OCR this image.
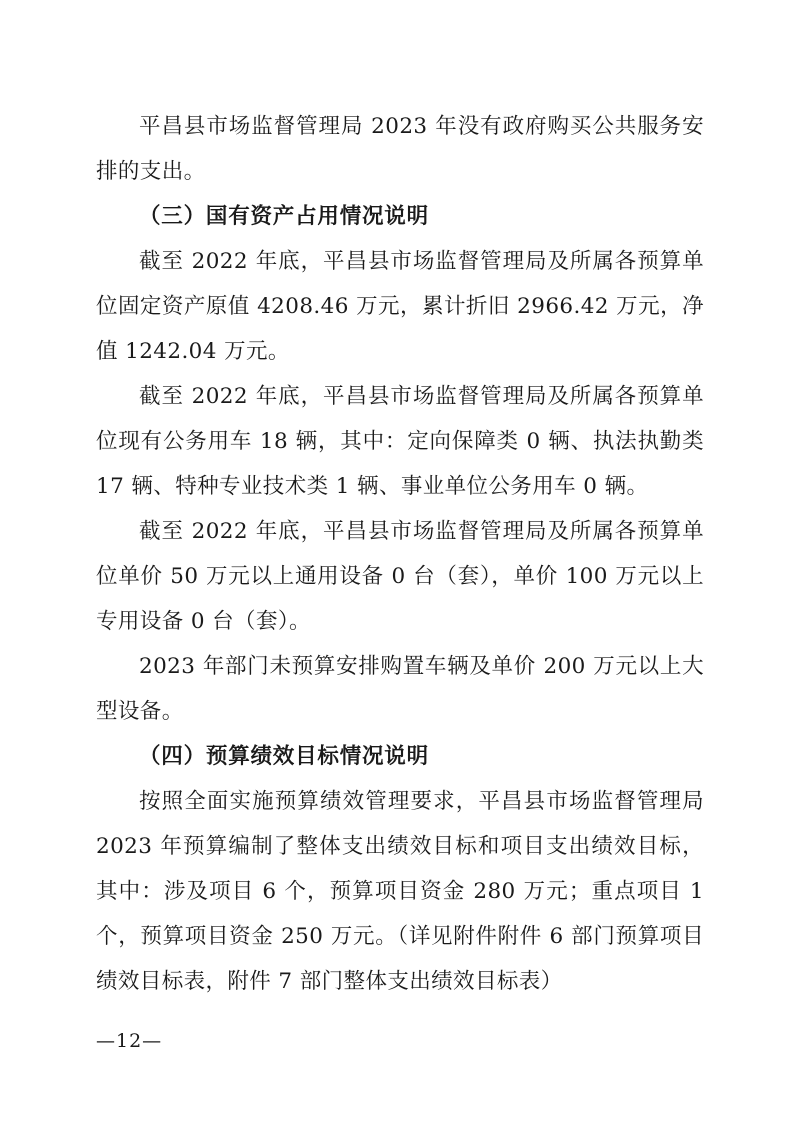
平昌县市场监督管理局 2023 年没有政府购买公共服务安排的支出。

（三）国有资产占用情况说明

截至 2022 年底，平昌县市场监督管理局及所属各预算单位固定资产原值 4208.46 万元，累计折旧 2966.42 万元，净值 1242.04 万元。

截至 2022 年底，平昌县市场监督管理局及所属各预算单位现有公务用车 18 辆，其中：定向保障类 0 辆、执法执勤类 17 辆、特种专业技术类 1 辆、事业单位公务用车 0 辆。

截至 2022 年底，平昌县市场监督管理局及所属各预算单位单价 50 万元以上通用设备 0 台（套），单价 100 万元以上专用设备 0 台（套）。

2023 年部门未预算安排购置车辆及单价 200 万元以上大型设备。

（四）预算绩效目标情况说明

按照全面实施预算绩效管理要求，平昌县市场监督管理局 2023 年预算编制了整体支出绩效目标和项目支出绩效目标，其中：涉及项目 6 个，预算项目资金 280 万元；重点项目 1 个，预算项目资金 250 万元。（详见附件附件 6 部门预算项目绩效目标表，附件 7 部门整体支出绩效目标表）

—12—
